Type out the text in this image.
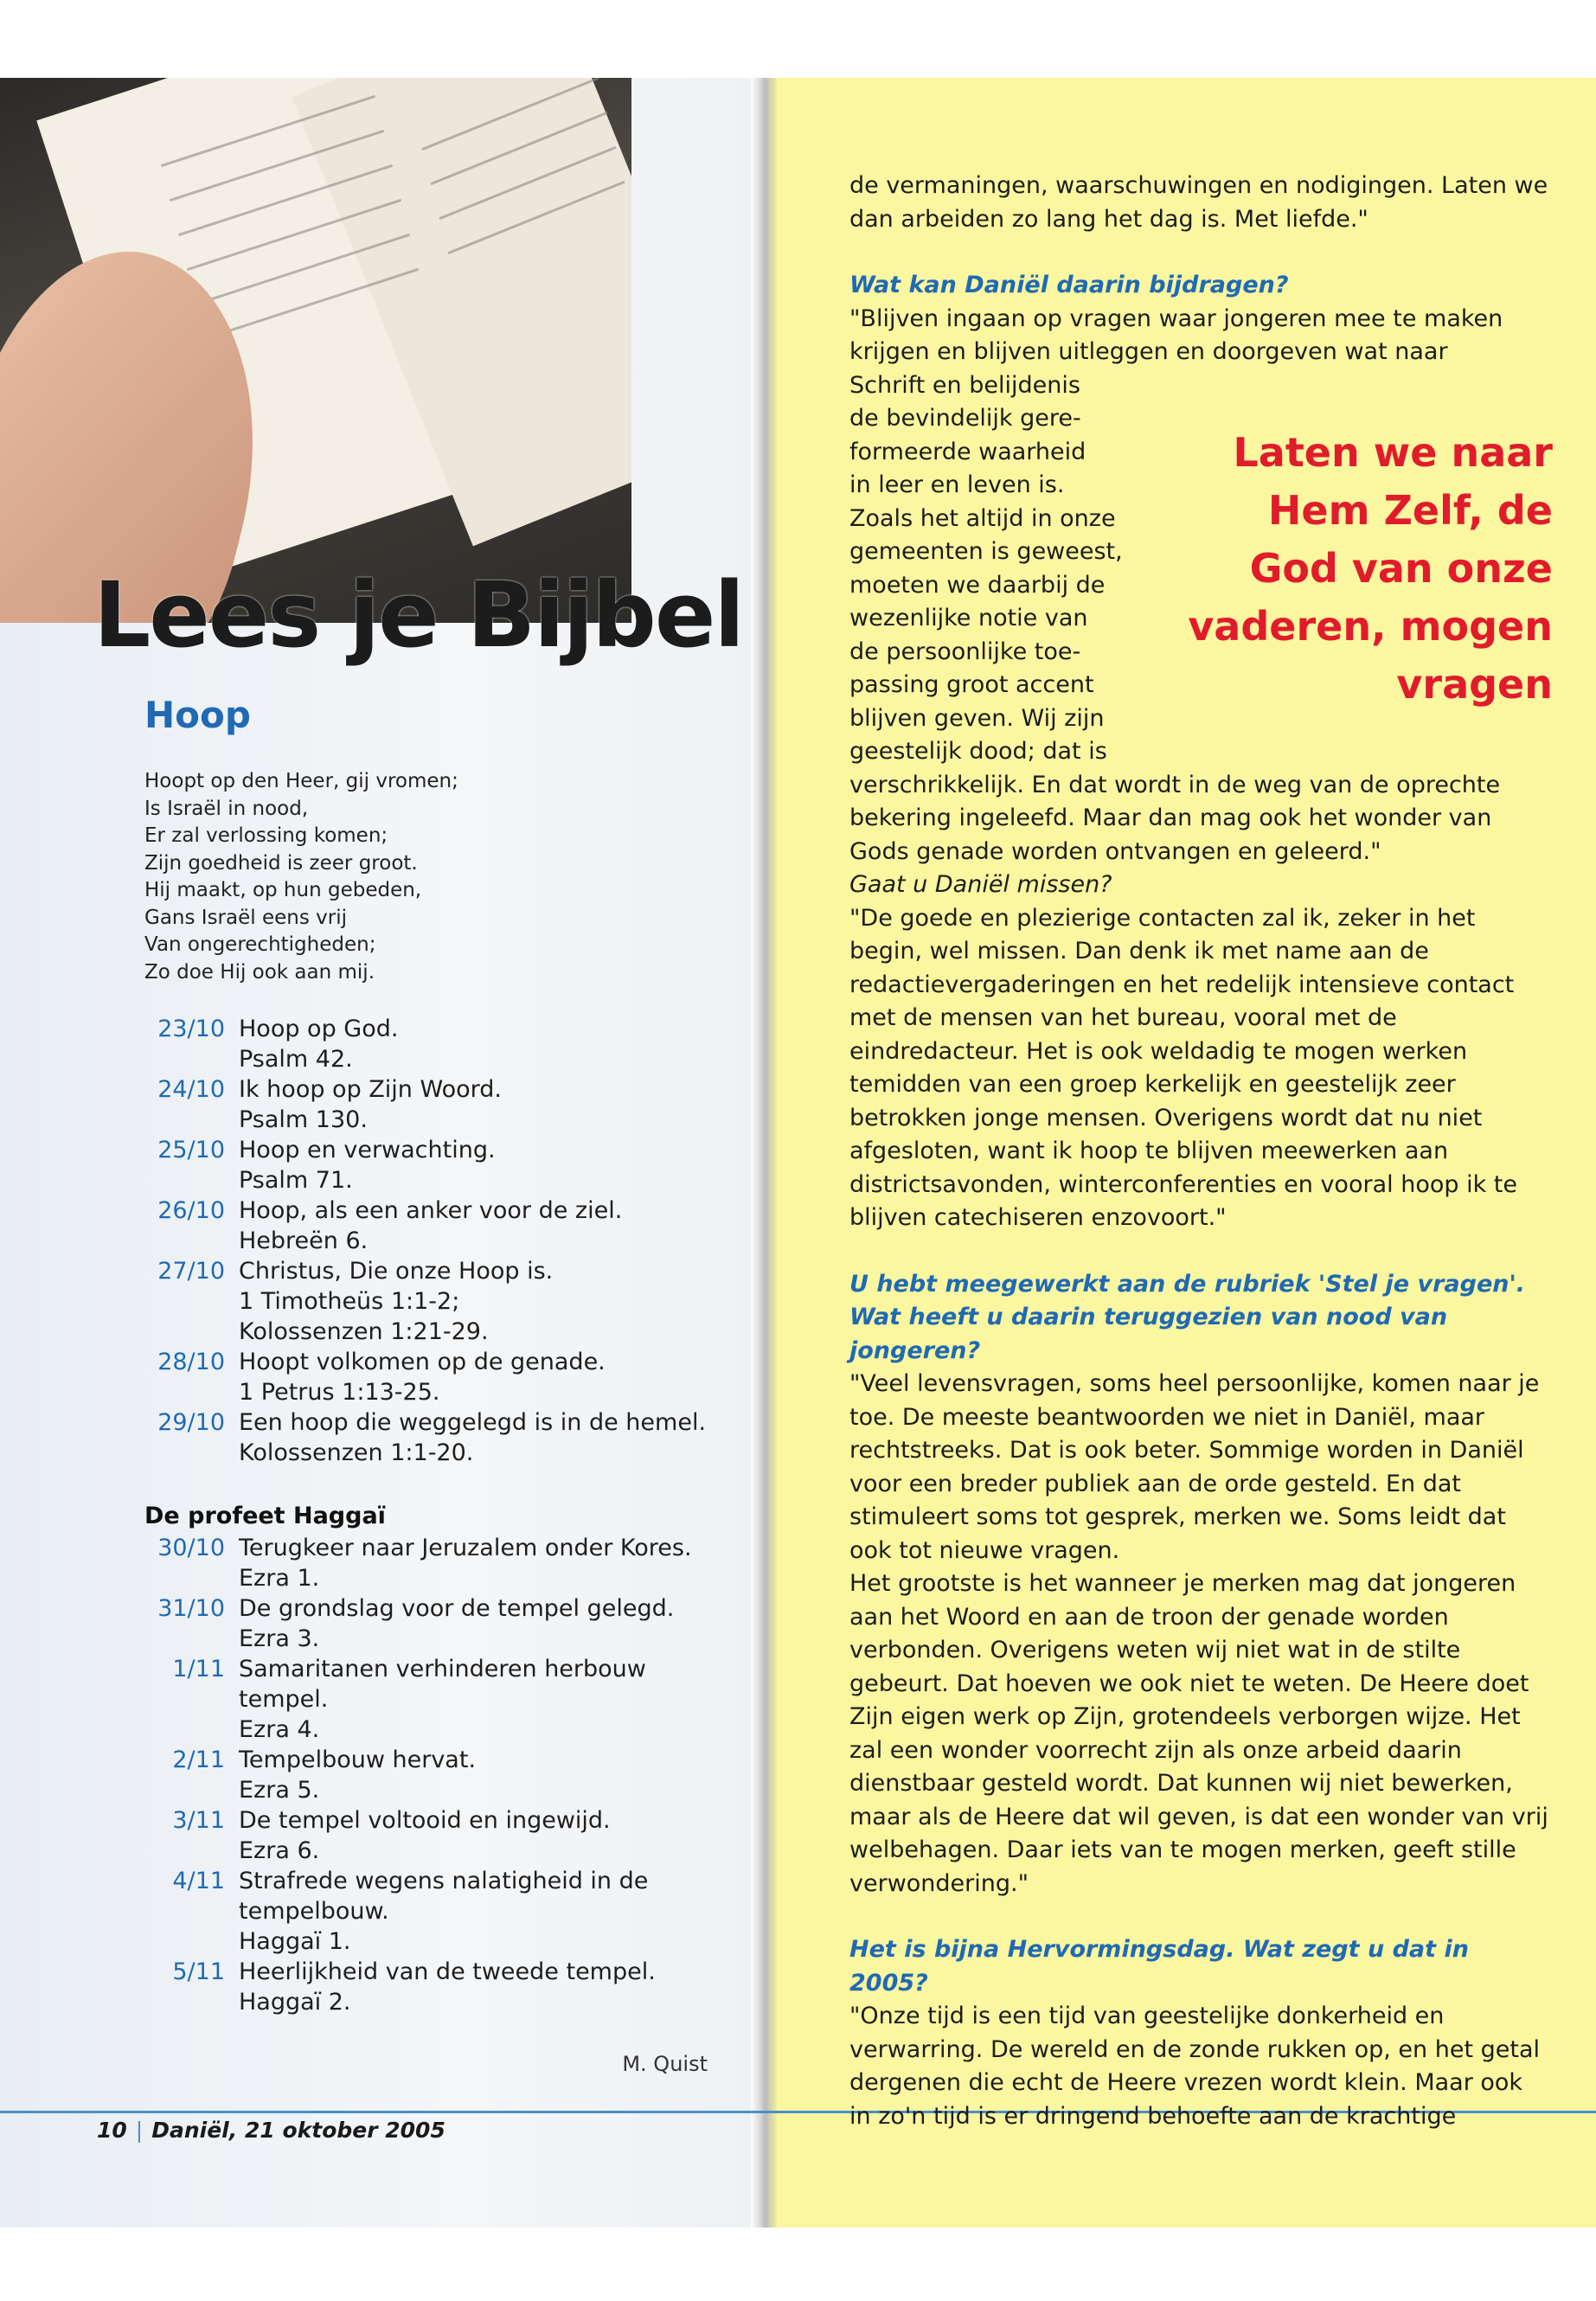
Lees je Bijbel
Hoop
Hoopt op den Heer, gij vromen;
Is Israël in nood,
Er zal verlossing komen;
Zijn goedheid is zeer groot.
Hij maakt, op hun gebeden,
Gans Israël eens vrij
Van ongerechtigheden;
Zo doe Hij ook aan mij.
23/10 Hoop op God.
Psalm 42.
24/10 Ik hoop op Zijn Woord.
Psalm 130.
25/10 Hoop en verwachting.
Psalm 71.
26/10 Hoop, als een anker voor de ziel.
Hebreën 6.
27/10 Christus, Die onze Hoop is.
1 Timotheüs 1:1-2;
Kolossenzen 1:21-29.
28/10 Hoopt volkomen op de genade.
1 Petrus 1:13-25.
29/10 Een hoop die weggelegd is in de hemel.
Kolossenzen 1:1-20.
De profeet Haggaï
30/10 Terugkeer naar Jeruzalem onder Kores.
Ezra 1.
31/10 De grondslag voor de tempel gelegd.
Ezra 3.
1/11 Samaritanen verhinderen herbouw
tempel.
Ezra 4.
2/11 Tempelbouw hervat.
Ezra 5.
3/11 De tempel voltooid en ingewijd.
Ezra 6.
4/11 Strafrede wegens nalatigheid in de
tempelbouw.
Haggaï 1.
5/11 Heerlijkheid van de tweede tempel.
Haggaï 2.
M. Quist
10 | Daniël, 21 oktober 2005

de vermaningen, waarschuwingen en nodigingen. Laten we dan arbeiden zo lang het dag is. Met liefde."

Wat kan Daniël daarin bijdragen?

"Blijven ingaan op vragen waar jongeren mee te maken krijgen en blijven uitleggen en doorgeven wat naar

Schrift en belijdenis

de bevindelijk gere-

formeerde waarheid

in leer en leven is.

Zoals het altijd in onze

gemeenten is geweest,

moeten we daarbij de

wezenlijke notie van

de persoonlijke toe-

passing groot accent

blijven geven. Wij zijn

geestelijk dood; dat is

verschrikkelijk. En dat wordt in de weg van de oprechte bekering ingeleefd. Maar dan mag ook het wonder van Gods genade worden ontvangen en geleerd."

Gaat u Daniël missen?

"De goede en plezierige contacten zal ik, zeker in het begin, wel missen. Dan denk ik met name aan de redactievergaderingen en het redelijk intensieve contact met de mensen van het bureau, vooral met de eindredacteur. Het is ook weldadig te mogen werken temidden van een groep kerkelijk en geestelijk zeer betrokken jonge mensen. Overigens wordt dat nu niet afgesloten, want ik hoop te blijven meewerken aan districtsavonden, winterconferenties en vooral hoop ik te blijven catechiseren enzovoort."

U hebt meegewerkt aan de rubriek 'Stel je vragen'. Wat heeft u daarin teruggezien van nood van jongeren?

"Veel levensvragen, soms heel persoonlijke, komen naar je toe. De meeste beantwoorden we niet in Daniël, maar rechtstreeks. Dat is ook beter. Sommige worden in Daniël voor een breder publiek aan de orde gesteld. En dat stimuleert soms tot gesprek, merken we. Soms leidt dat ook tot nieuwe vragen.

Het grootste is het wanneer je merken mag dat jongeren aan het Woord en aan de troon der genade worden verbonden. Overigens weten wij niet wat in de stilte gebeurt. Dat hoeven we ook niet te weten. De Heere doet Zijn eigen werk op Zijn, grotendeels verborgen wijze. Het zal een wonder voorrecht zijn als onze arbeid daarin dienstbaar gesteld wordt. Dat kunnen wij niet bewerken, maar als de Heere dat wil geven, is dat een wonder van vrij welbehagen. Daar iets van te mogen merken, geeft stille verwondering."

Het is bijna Hervormingsdag. Wat zegt u dat in 2005?

"Onze tijd is een tijd van geestelijke donkerheid en verwarring. De wereld en de zonde rukken op, en het getal dergenen die echt de Heere vrezen wordt klein. Maar ook in zo'n tijd is er dringend behoefte aan de krachtige

Laten we naar Hem Zelf, de God van onze vaderen, mogen vragen
